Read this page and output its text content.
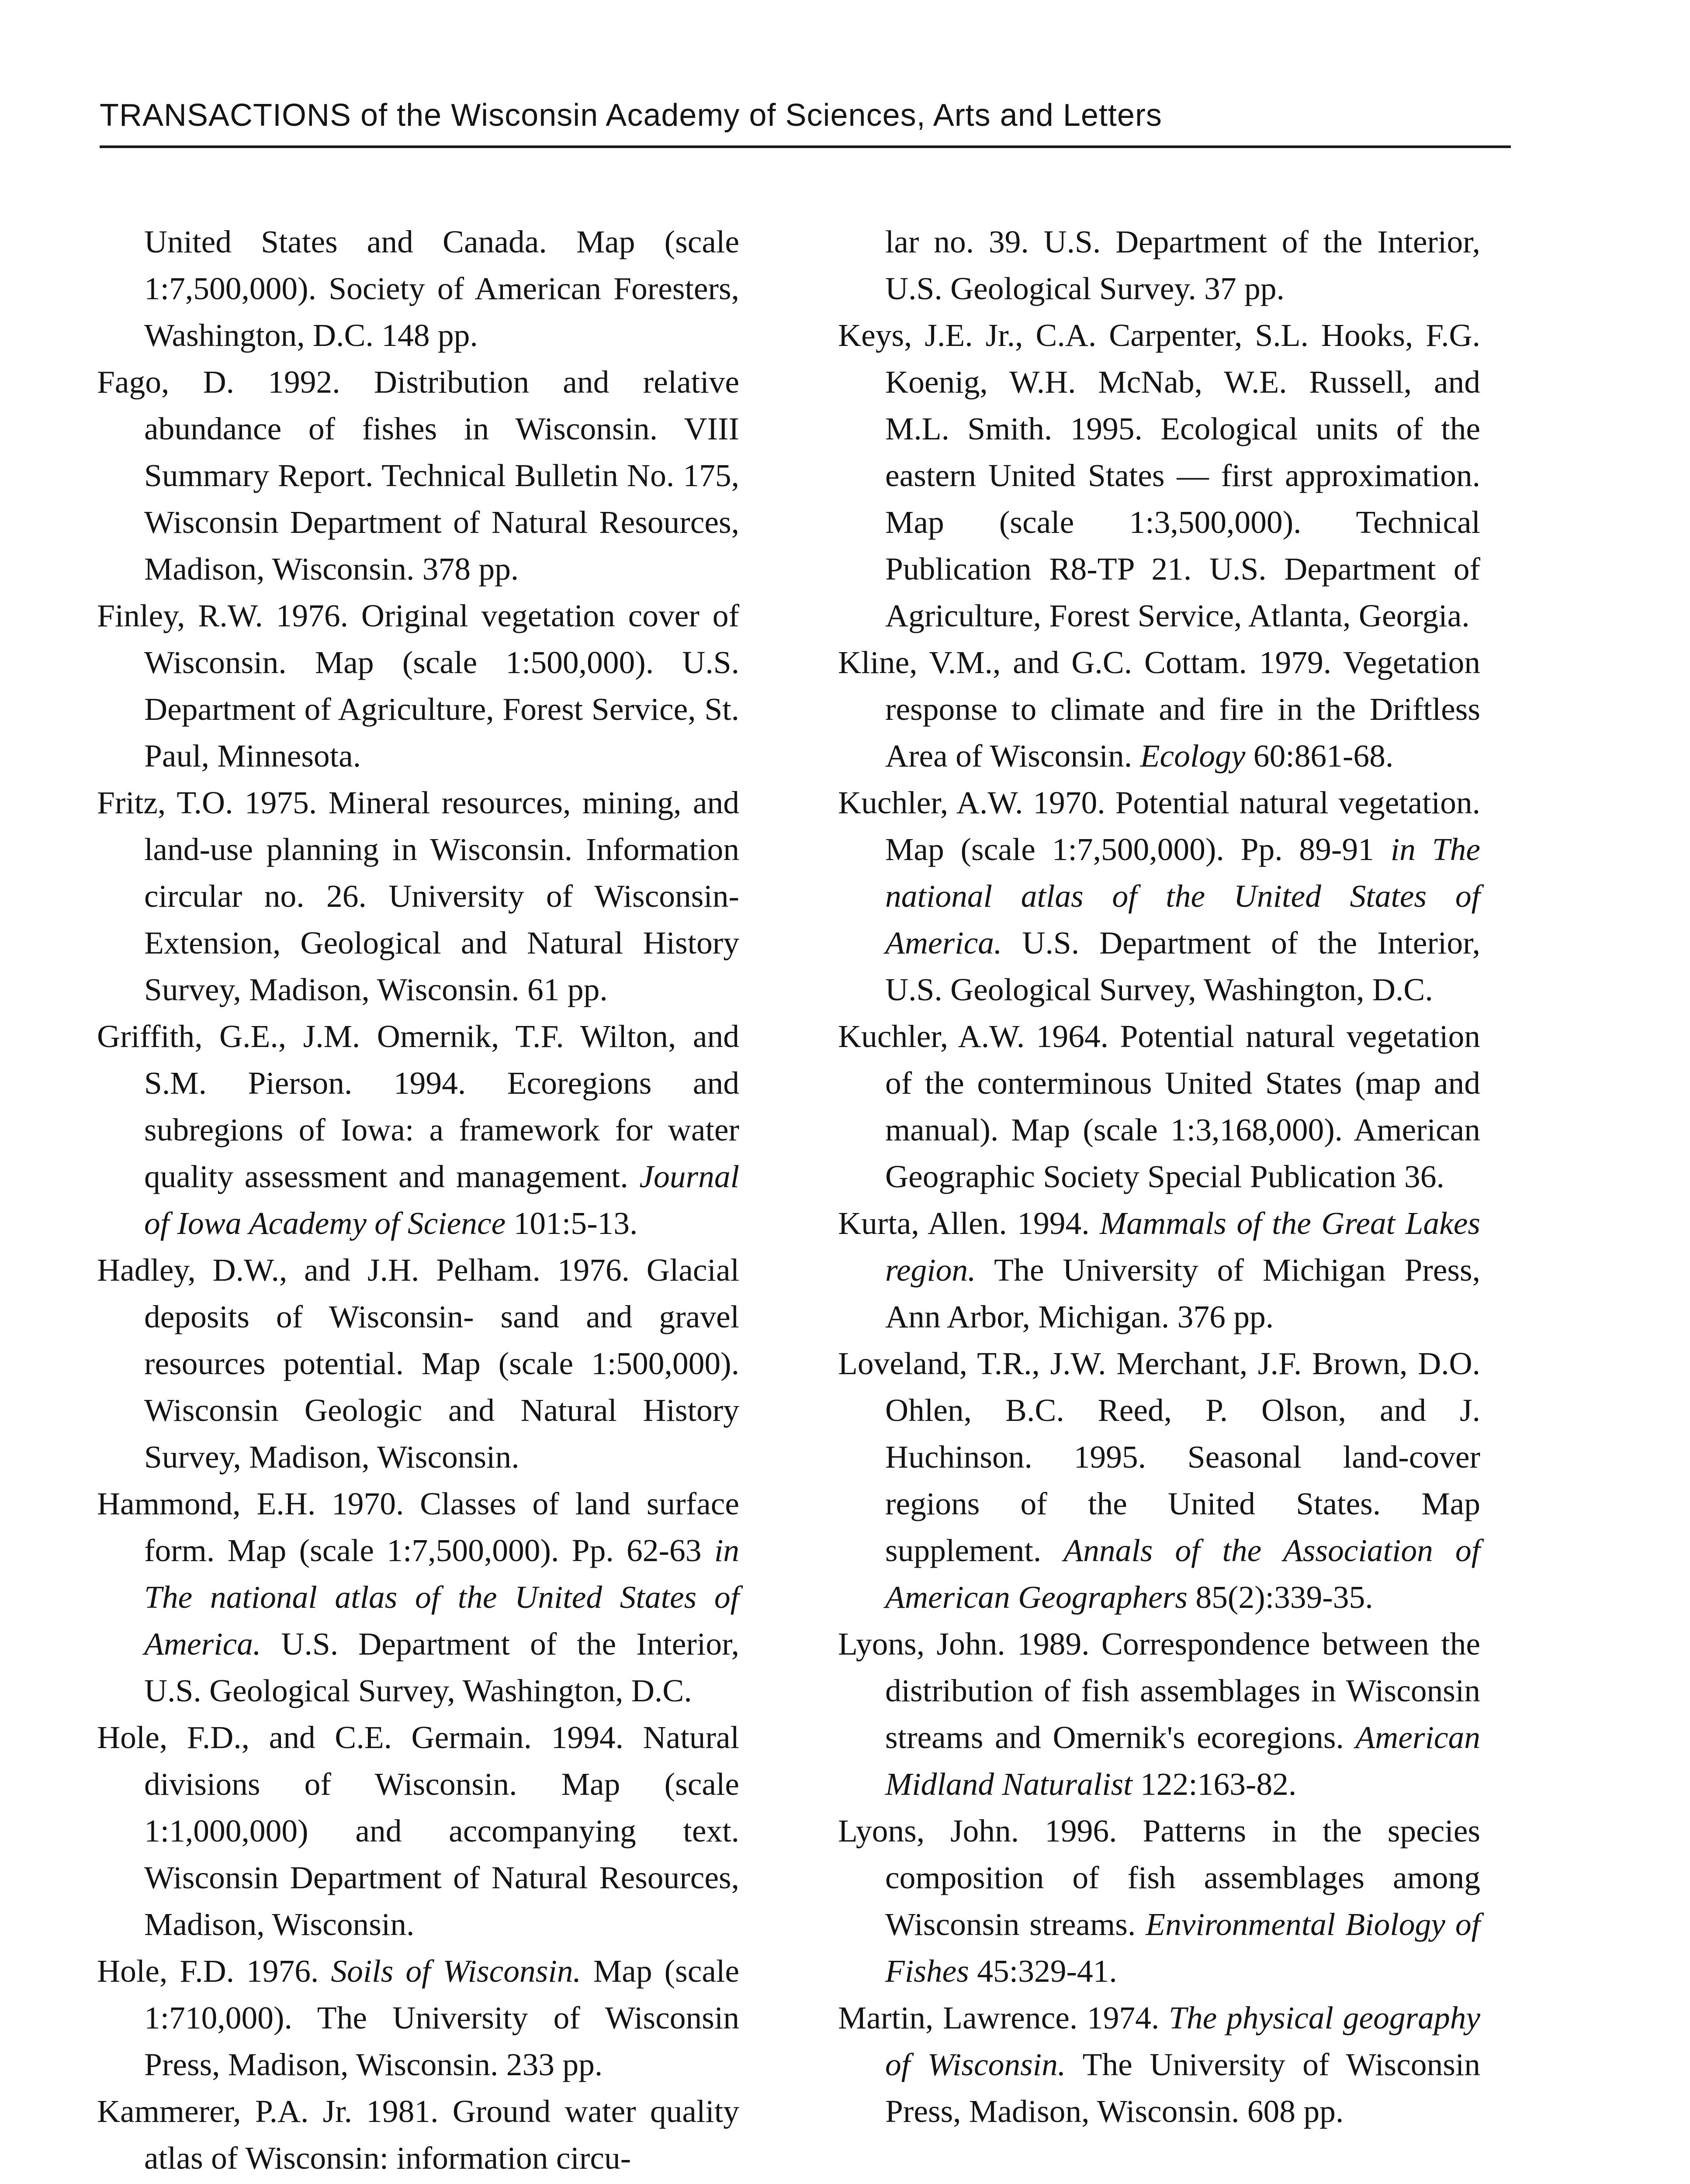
TRANSACTIONS of the Wisconsin Academy of Sciences, Arts and Letters

United States and Canada. Map (scale 1:7,500,000). Society of American Foresters, Washington, D.C. 148 pp.

Fago, D. 1992. Distribution and relative abundance of fishes in Wisconsin. VIII Summary Report. Technical Bulletin No. 175, Wisconsin Department of Natural Resources, Madison, Wisconsin. 378 pp.

Finley, R.W. 1976. Original vegetation cover of Wisconsin. Map (scale 1:500,000). U.S. Department of Agriculture, Forest Service, St. Paul, Minnesota.

Fritz, T.O. 1975. Mineral resources, mining, and land-use planning in Wisconsin. Information circular no. 26. University of Wisconsin-Extension, Geological and Natural History Survey, Madison, Wisconsin. 61 pp.

Griffith, G.E., J.M. Omernik, T.F. Wilton, and S.M. Pierson. 1994. Ecoregions and subregions of Iowa: a framework for water quality assessment and management. Journal of Iowa Academy of Science 101:5-13.

Hadley, D.W., and J.H. Pelham. 1976. Glacial deposits of Wisconsin- sand and gravel resources potential. Map (scale 1:500,000). Wisconsin Geologic and Natural History Survey, Madison, Wisconsin.

Hammond, E.H. 1970. Classes of land surface form. Map (scale 1:7,500,000). Pp. 62-63 in The national atlas of the United States of America. U.S. Department of the Interior, U.S. Geological Survey, Washington, D.C.

Hole, F.D., and C.E. Germain. 1994. Natural divisions of Wisconsin. Map (scale 1:1,000,000) and accompanying text. Wisconsin Department of Natural Resources, Madison, Wisconsin.

Hole, F.D. 1976. Soils of Wisconsin. Map (scale 1:710,000). The University of Wisconsin Press, Madison, Wisconsin. 233 pp.

Kammerer, P.A. Jr. 1981. Ground water quality atlas of Wisconsin: information circu-

lar no. 39. U.S. Department of the Interior, U.S. Geological Survey. 37 pp.

Keys, J.E. Jr., C.A. Carpenter, S.L. Hooks, F.G. Koenig, W.H. McNab, W.E. Russell, and M.L. Smith. 1995. Ecological units of the eastern United States — first approximation. Map (scale 1:3,500,000). Technical Publication R8-TP 21. U.S. Department of Agriculture, Forest Service, Atlanta, Georgia.

Kline, V.M., and G.C. Cottam. 1979. Vegetation response to climate and fire in the Driftless Area of Wisconsin. Ecology 60:861-68.

Kuchler, A.W. 1970. Potential natural vegetation. Map (scale 1:7,500,000). Pp. 89-91 in The national atlas of the United States of America. U.S. Department of the Interior, U.S. Geological Survey, Washington, D.C.

Kuchler, A.W. 1964. Potential natural vegetation of the conterminous United States (map and manual). Map (scale 1:3,168,000). American Geographic Society Special Publication 36.

Kurta, Allen. 1994. Mammals of the Great Lakes region. The University of Michigan Press, Ann Arbor, Michigan. 376 pp.

Loveland, T.R., J.W. Merchant, J.F. Brown, D.O. Ohlen, B.C. Reed, P. Olson, and J. Huchinson. 1995. Seasonal land-cover regions of the United States. Map supplement. Annals of the Association of American Geographers 85(2):339-35.

Lyons, John. 1989. Correspondence between the distribution of fish assemblages in Wisconsin streams and Omernik's ecoregions. American Midland Naturalist 122:163-82.

Lyons, John. 1996. Patterns in the species composition of fish assemblages among Wisconsin streams. Environmental Biology of Fishes 45:329-41.

Martin, Lawrence. 1974. The physical geography of Wisconsin. The University of Wisconsin Press, Madison, Wisconsin. 608 pp.
